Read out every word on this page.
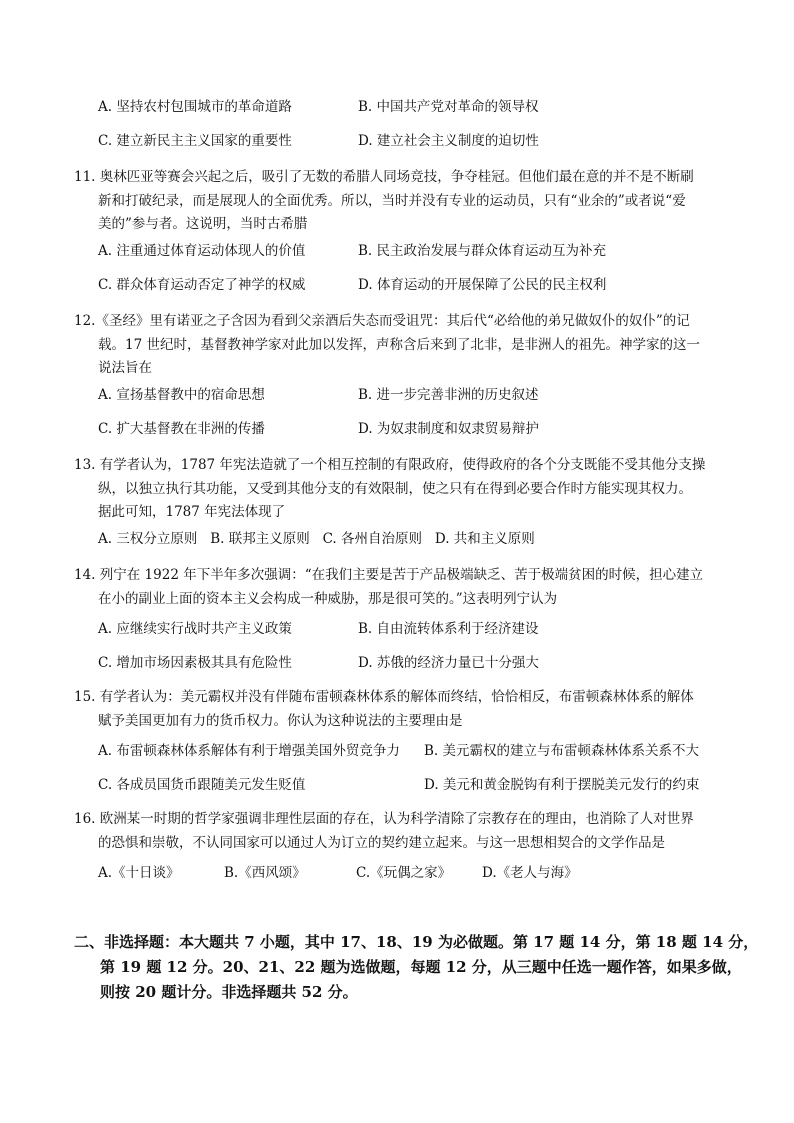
A. 坚持农村包围城市的革命道路	B. 中国共产党对革命的领导权
C. 建立新民主主义国家的重要性	D. 建立社会主义制度的迫切性
11. 奥林匹亚等赛会兴起之后，吸引了无数的希腊人同场竞技，争夺桂冠。但他们最在意的并不是不断刷
新和打破纪录，而是展现人的全面优秀。所以，当时并没有专业的运动员，只有“业余的”或者说“爱
美的”参与者。这说明，当时古希腊
A. 注重通过体育运动体现人的价值	B. 民主政治发展与群众体育运动互为补充
C. 群众体育运动否定了神学的权威	D. 体育运动的开展保障了公民的民主权利
12.《圣经》里有诺亚之子含因为看到父亲酒后失态而受诅咒：其后代“必给他的弟兄做奴仆的奴仆”的记
载。17 世纪时，基督教神学家对此加以发挥，声称含后来到了北非，是非洲人的祖先。神学家的这一
说法旨在
A. 宣扬基督教中的宿命思想	B. 进一步完善非洲的历史叙述
C. 扩大基督教在非洲的传播	D. 为奴隶制度和奴隶贸易辩护
13. 有学者认为，1787 年宪法造就了一个相互控制的有限政府，使得政府的各个分支既能不受其他分支操
纵，以独立执行其功能，又受到其他分支的有效限制，使之只有在得到必要合作时方能实现其权力。
据此可知，1787 年宪法体现了
A. 三权分立原则   B. 联邦主义原则   C. 各州自治原则   D. 共和主义原则
14. 列宁在 1922 年下半年多次强调：“在我们主要是苦于产品极端缺乏、苦于极端贫困的时候，担心建立
在小的副业上面的资本主义会构成一种威胁，那是很可笑的。”这表明列宁认为
A. 应继续实行战时共产主义政策	B. 自由流转体系利于经济建设
C. 增加市场因素极其具有危险性	D. 苏俄的经济力量已十分强大
15. 有学者认为：美元霸权并没有伴随布雷顿森林体系的解体而终结，恰恰相反，布雷顿森林体系的解体
赋予美国更加有力的货币权力。你认为这种说法的主要理由是
A. 布雷顿森林体系解体有利于增强美国外贸竞争力 B. 美元霸权的建立与布雷顿森林体系关系不大
C. 各成员国货币跟随美元发生贬值	D. 美元和黄金脱钩有利于摆脱美元发行的约束
16. 欧洲某一时期的哲学家强调非理性层面的存在，认为科学清除了宗教存在的理由，也消除了人对世界
的恐惧和崇敬，不认同国家可以通过人为订立的契约建立起来。与这一思想相契合的文学作品是
A.《十日谈》	B.《西风颂》	C.《玩偶之家》 D.《老人与海》
二、非选择题：本大题共 7 小题，其中 17、18、19 为必做题。第 17 题 14 分，第 18 题 14 分，
第 19 题 12 分。20、21、22 题为选做题，每题 12 分，从三题中任选一题作答，如果多做，
则按 20 题计分。非选择题共 52 分。
